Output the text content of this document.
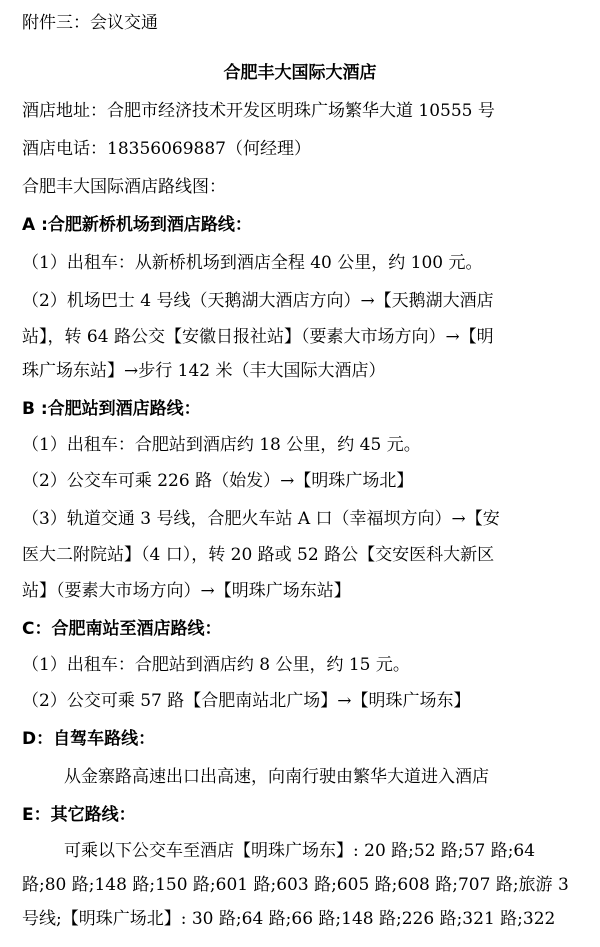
附件三：会议交通
合肥丰大国际大酒店
酒店地址：合肥市经济技术开发区明珠广场繁华大道 10555 号
酒店电话：18356069887（何经理）
合肥丰大国际酒店路线图：
A :合肥新桥机场到酒店路线：
（1）出租车：从新桥机场到酒店全程 40 公里，约 100 元。
（2）机场巴士 4 号线（天鹅湖大酒店方向）→【天鹅湖大酒店
站】，转 64 路公交【安徽日报社站】（要素大市场方向）→【明
珠广场东站】→步行 142 米（丰大国际大酒店）
B :合肥站到酒店路线：
（1）出租车：合肥站到酒店约 18 公里，约 45 元。
（2）公交车可乘 226 路（始发）→【明珠广场北】
（3）轨道交通 3 号线，合肥火车站 A 口（幸福坝方向）→【安
医大二附院站】（4 口），转 20 路或 52 路公【交安医科大新区
站】（要素大市场方向）→【明珠广场东站】
C：合肥南站至酒店路线：
（1）出租车：合肥站到酒店约 8 公里，约 15 元。
（2）公交可乘 57 路【合肥南站北广场】→【明珠广场东】
D：自驾车路线：
从金寨路高速出口出高速，向南行驶由繁华大道进入酒店
E：其它路线：
可乘以下公交车至酒店【明珠广场东】: 20 路;52 路;57 路;64
路;80 路;148 路;150 路;601 路;603 路;605 路;608 路;707 路;旅游 3
号线;【明珠广场北】: 30 路;64 路;66 路;148 路;226 路;321 路;322
